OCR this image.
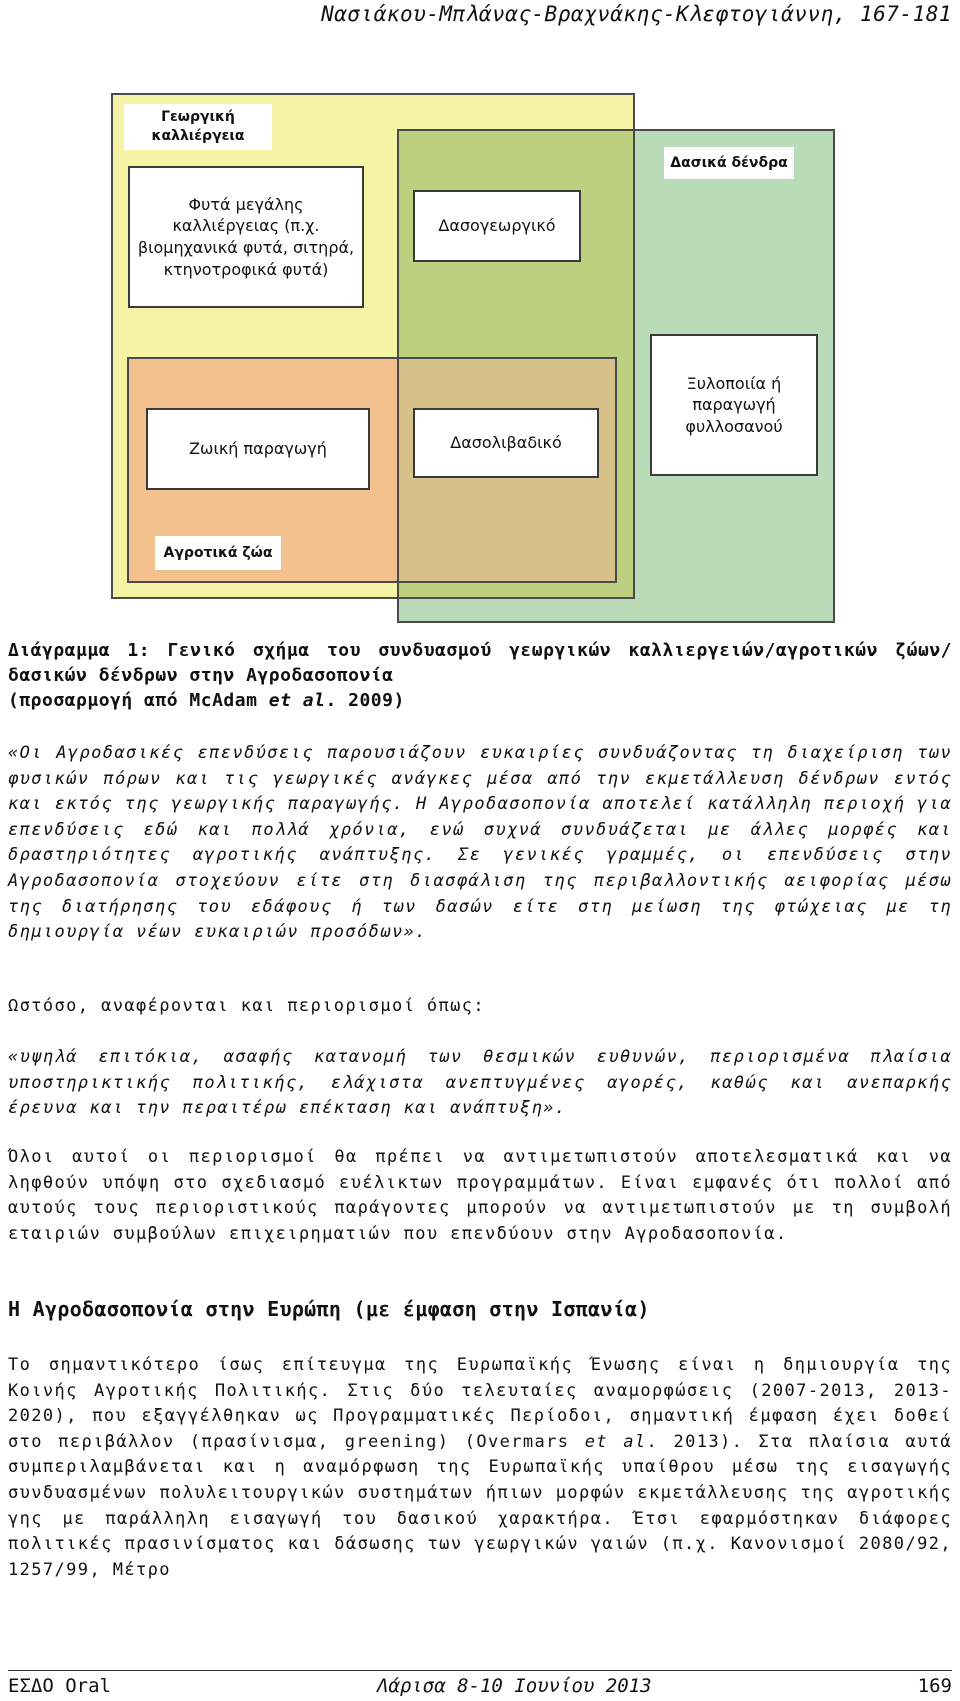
Νασιάκου-Μπλάνας-Βραχνάκης-Κλεφτογιάννη, 167-181
Γεωργική καλλιέργεια
Δασικά δένδρα
Αγροτικά ζώα
Φυτά μεγάλης καλλιέργειας (π.χ. βιομηχανικά φυτά, σιτηρά, κτηνοτροφικά φυτά)
Δασογεωργικό
Ξυλοποιία ή παραγωγή φυλλοσανού
Ζωική παραγωγή	Δασολιβαδικό
Διάγραμμα 1: Γενικό σχήμα του συνδυασμού γεωργικών καλλιεργειών/αγροτικών ζώων/δασικών δένδρων στην Αγροδασοπονία
(προσαρμογή από McAdam et al. 2009)
«Οι Αγροδασικές επενδύσεις παρουσιάζουν ευκαιρίες συνδυάζοντας τη διαχείριση των φυσικών πόρων και τις γεωργικές ανάγκες μέσα από την εκμετάλλευση δένδρων εντός και εκτός της γεωργικής παραγωγής. Η Αγροδασοπονία αποτελεί κατάλληλη περιοχή για επενδύσεις εδώ και πολλά χρόνια, ενώ συχνά συνδυάζεται με άλλες μορφές και δραστηριότητες αγροτικής ανάπτυξης. Σε γενικές γραμμές, οι επενδύσεις στην Αγροδασοπονία στοχεύουν είτε στη διασφάλιση της περιβαλλοντικής αειφορίας μέσω της διατήρησης του εδάφους ή των δασών είτε στη μείωση της φτώχειας με τη δημιουργία νέων ευκαιριών προσόδων».
Ωστόσο, αναφέρονται και περιορισμοί όπως:
«υψηλά επιτόκια, ασαφής κατανομή των θεσμικών ευθυνών, περιορισμένα πλαίσια υποστηρικτικής πολιτικής, ελάχιστα ανεπτυγμένες αγορές, καθώς και ανεπαρκής έρευνα και την περαιτέρω επέκταση και ανάπτυξη».
Όλοι αυτοί οι περιορισμοί θα πρέπει να αντιμετωπιστούν αποτελεσματικά και να ληφθούν υπόψη στο σχεδιασμό ευέλικτων προγραμμάτων. Είναι εμφανές ότι πολλοί από αυτούς τους περιοριστικούς παράγοντες μπορούν να αντιμετωπιστούν με τη συμβολή εταιριών συμβούλων επιχειρηματιών που επενδύουν στην Αγροδασοπονία.
Η Αγροδασοπονία στην Ευρώπη (με έμφαση στην Ισπανία)
Το σημαντικότερο ίσως επίτευγμα της Ευρωπαϊκής Ένωσης είναι η δημιουργία της Κοινής Αγροτικής Πολιτικής. Στις δύο τελευταίες αναμορφώσεις (2007-2013, 2013-2020), που εξαγγέλθηκαν ως Προγραμματικές Περίοδοι, σημαντική έμφαση έχει δοθεί στο περιβάλλον (πρασίνισμα, greening) (Overmars et al. 2013). Στα πλαίσια αυτά συμπεριλαμβάνεται και η αναμόρφωση της Ευρωπαϊκής υπαίθρου μέσω της εισαγωγής συνδυασμένων πολυλειτουργικών συστημάτων ήπιων μορφών εκμετάλλευσης της αγροτικής γης με παράλληλη εισαγωγή του δασικού χαρακτήρα. Έτσι εφαρμόστηκαν διάφορες πολιτικές πρασινίσματος και δάσωσης των γεωργικών γαιών (π.χ. Κανονισμοί 2080/92, 1257/99, Μέτρο
ΕΣΔΟ Oral	Λάρισα 8-10 Ιουνίου 2013	169
